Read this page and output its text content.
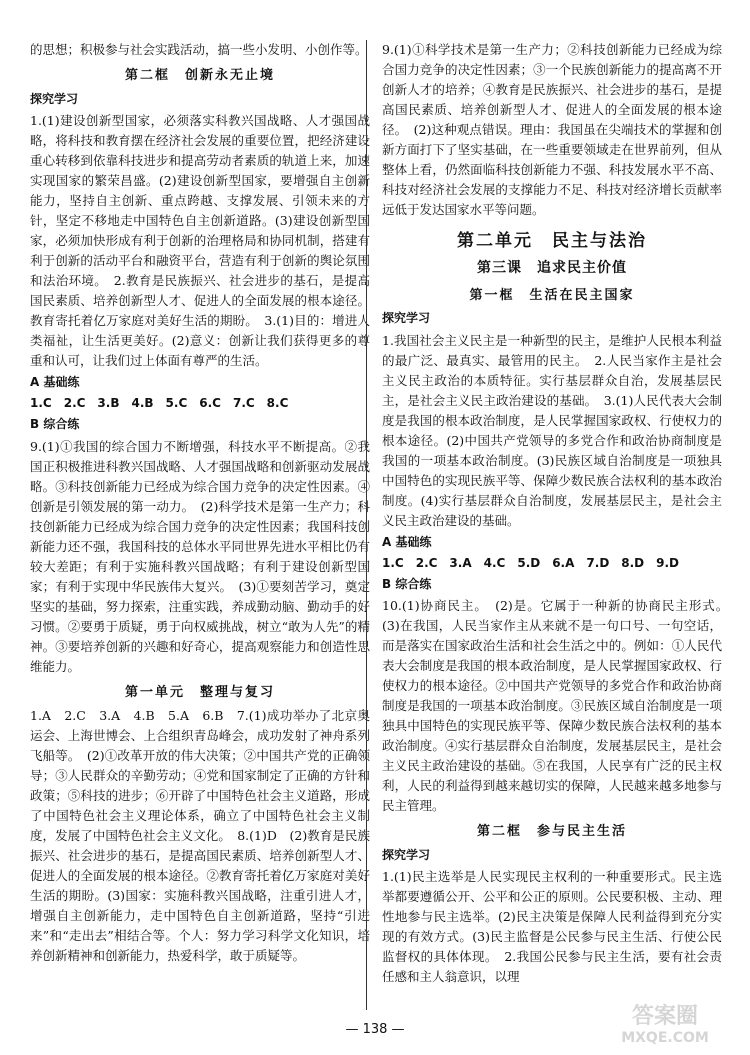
的思想；积极参与社会实践活动，搞一些小发明、小创作等。

第二框　创新永无止境
探究学习

1.(1)建设创新型国家，必须落实科教兴国战略、人才强国战略，将科技和教育摆在经济社会发展的重要位置，把经济建设重心转移到依靠科技进步和提高劳动者素质的轨道上来，加速实现国家的繁荣昌盛。(2)建设创新型国家，要增强自主创新能力，坚持自主创新、重点跨越、支撑发展、引领未来的方针，坚定不移地走中国特色自主创新道路。(3)建设创新型国家，必须加快形成有利于创新的治理格局和协同机制，搭建有利于创新的活动平台和融资平台，营造有利于创新的舆论氛围和法治环境。　2.教育是民族振兴、社会进步的基石，是提高国民素质、培养创新型人才、促进人的全面发展的根本途径。教育寄托着亿万家庭对美好生活的期盼。　3.(1)目的：增进人类福祉，让生活更美好。(2)意义：创新让我们获得更多的尊重和认可，让我们过上体面有尊严的生活。

A 基础练
1.C　2.C　3.B　4.B　5.C　6.C　7.C　8.C
B 综合练

9.(1)①我国的综合国力不断增强，科技水平不断提高。②我国正积极推进科教兴国战略、人才强国战略和创新驱动发展战略。③科技创新能力已经成为综合国力竞争的决定性因素。④创新是引领发展的第一动力。　(2)科学技术是第一生产力；科技创新能力已经成为综合国力竞争的决定性因素；我国科技创新能力还不强，我国科技的总体水平同世界先进水平相比仍有较大差距；有利于实施科教兴国战略；有利于建设创新型国家；有利于实现中华民族伟大复兴。　(3)①要刻苦学习，奠定坚实的基础，努力探索，注重实践，养成勤动脑、勤动手的好习惯。②要勇于质疑，勇于向权威挑战，树立“敢为人先”的精神。③要培养创新的兴趣和好奇心，提高观察能力和创造性思维能力。

第一单元　整理与复习

1.A　2.C　3.A　4.B　5.A　6.B　7.(1)成功举办了北京奥运会、上海世博会、上合组织青岛峰会，成功发射了神舟系列飞船等。　(2)①改革开放的伟大决策；②中国共产党的正确领导；③人民群众的辛勤劳动；④党和国家制定了正确的方针和政策；⑤科技的进步；⑥开辟了中国特色社会主义道路，形成了中国特色社会主义理论体系，确立了中国特色社会主义制度，发展了中国特色社会主义文化。　8.(1)D　(2)教育是民族振兴、社会进步的基石，是提高国民素质、培养创新型人才、促进人的全面发展的根本途径。②教育寄托着亿万家庭对美好生活的期盼。(3)国家：实施科教兴国战略，注重引进人才，增强自主创新能力，走中国特色自主创新道路，坚持“引进来”和“走出去”相结合等。个人：努力学习科学文化知识，培养创新精神和创新能力，热爱科学，敢于质疑等。

9.(1)①科学技术是第一生产力；②科技创新能力已经成为综合国力竞争的决定性因素；③一个民族创新能力的提高离不开创新人才的培养；④教育是民族振兴、社会进步的基石，是提高国民素质、培养创新型人才、促进人的全面发展的根本途径。　(2)这种观点错误。理由：我国虽在尖端技术的掌握和创新方面打下了坚实基础，在一些重要领域走在世界前列，但从整体上看，仍然面临科技创新能力不强、科技发展水平不高、科技对经济社会发展的支撑能力不足、科技对经济增长贡献率远低于发达国家水平等问题。

第二单元　民主与法治
第三课　追求民主价值
第一框　生活在民主国家
探究学习

1.我国社会主义民主是一种新型的民主，是维护人民根本利益的最广泛、最真实、最管用的民主。　2.人民当家作主是社会主义民主政治的本质特征。实行基层群众自治，发展基层民主，是社会主义民主政治建设的基础。　3.(1)人民代表大会制度是我国的根本政治制度，是人民掌握国家政权、行使权力的根本途径。(2)中国共产党领导的多党合作和政治协商制度是我国的一项基本政治制度。(3)民族区域自治制度是一项独具中国特色的实现民族平等、保障少数民族合法权利的基本政治制度。(4)实行基层群众自治制度，发展基层民主，是社会主义民主政治建设的基础。

A 基础练
1.C　2.C　3.A　4.C　5.D　6.A　7.D　8.D　9.D
B 综合练

10.(1)协商民主。　(2)是。它属于一种新的协商民主形式。　(3)在我国，人民当家作主从来就不是一句口号、一句空话，而是落实在国家政治生活和社会生活之中的。例如：①人民代表大会制度是我国的根本政治制度，是人民掌握国家政权、行使权力的根本途径。②中国共产党领导的多党合作和政治协商制度是我国的一项基本政治制度。③民族区域自治制度是一项独具中国特色的实现民族平等、保障少数民族合法权利的基本政治制度。④实行基层群众自治制度，发展基层民主，是社会主义民主政治建设的基础。⑤在我国，人民享有广泛的民主权利，人民的利益得到越来越切实的保障，人民越来越多地参与民主管理。

第二框　参与民主生活
探究学习

1.(1)民主选举是人民实现民主权利的一种重要形式。民主选举都要遵循公开、公平和公正的原则。公民要积极、主动、理性地参与民主选举。(2)民主决策是保障人民利益得到充分实现的有效方式。(3)民主监督是公民参与民主生活、行使公民监督权的具体体现。　2.我国公民参与民主生活，要有社会责任感和主人翁意识，以理

— 138 —
答案圈
MXQE.COM
